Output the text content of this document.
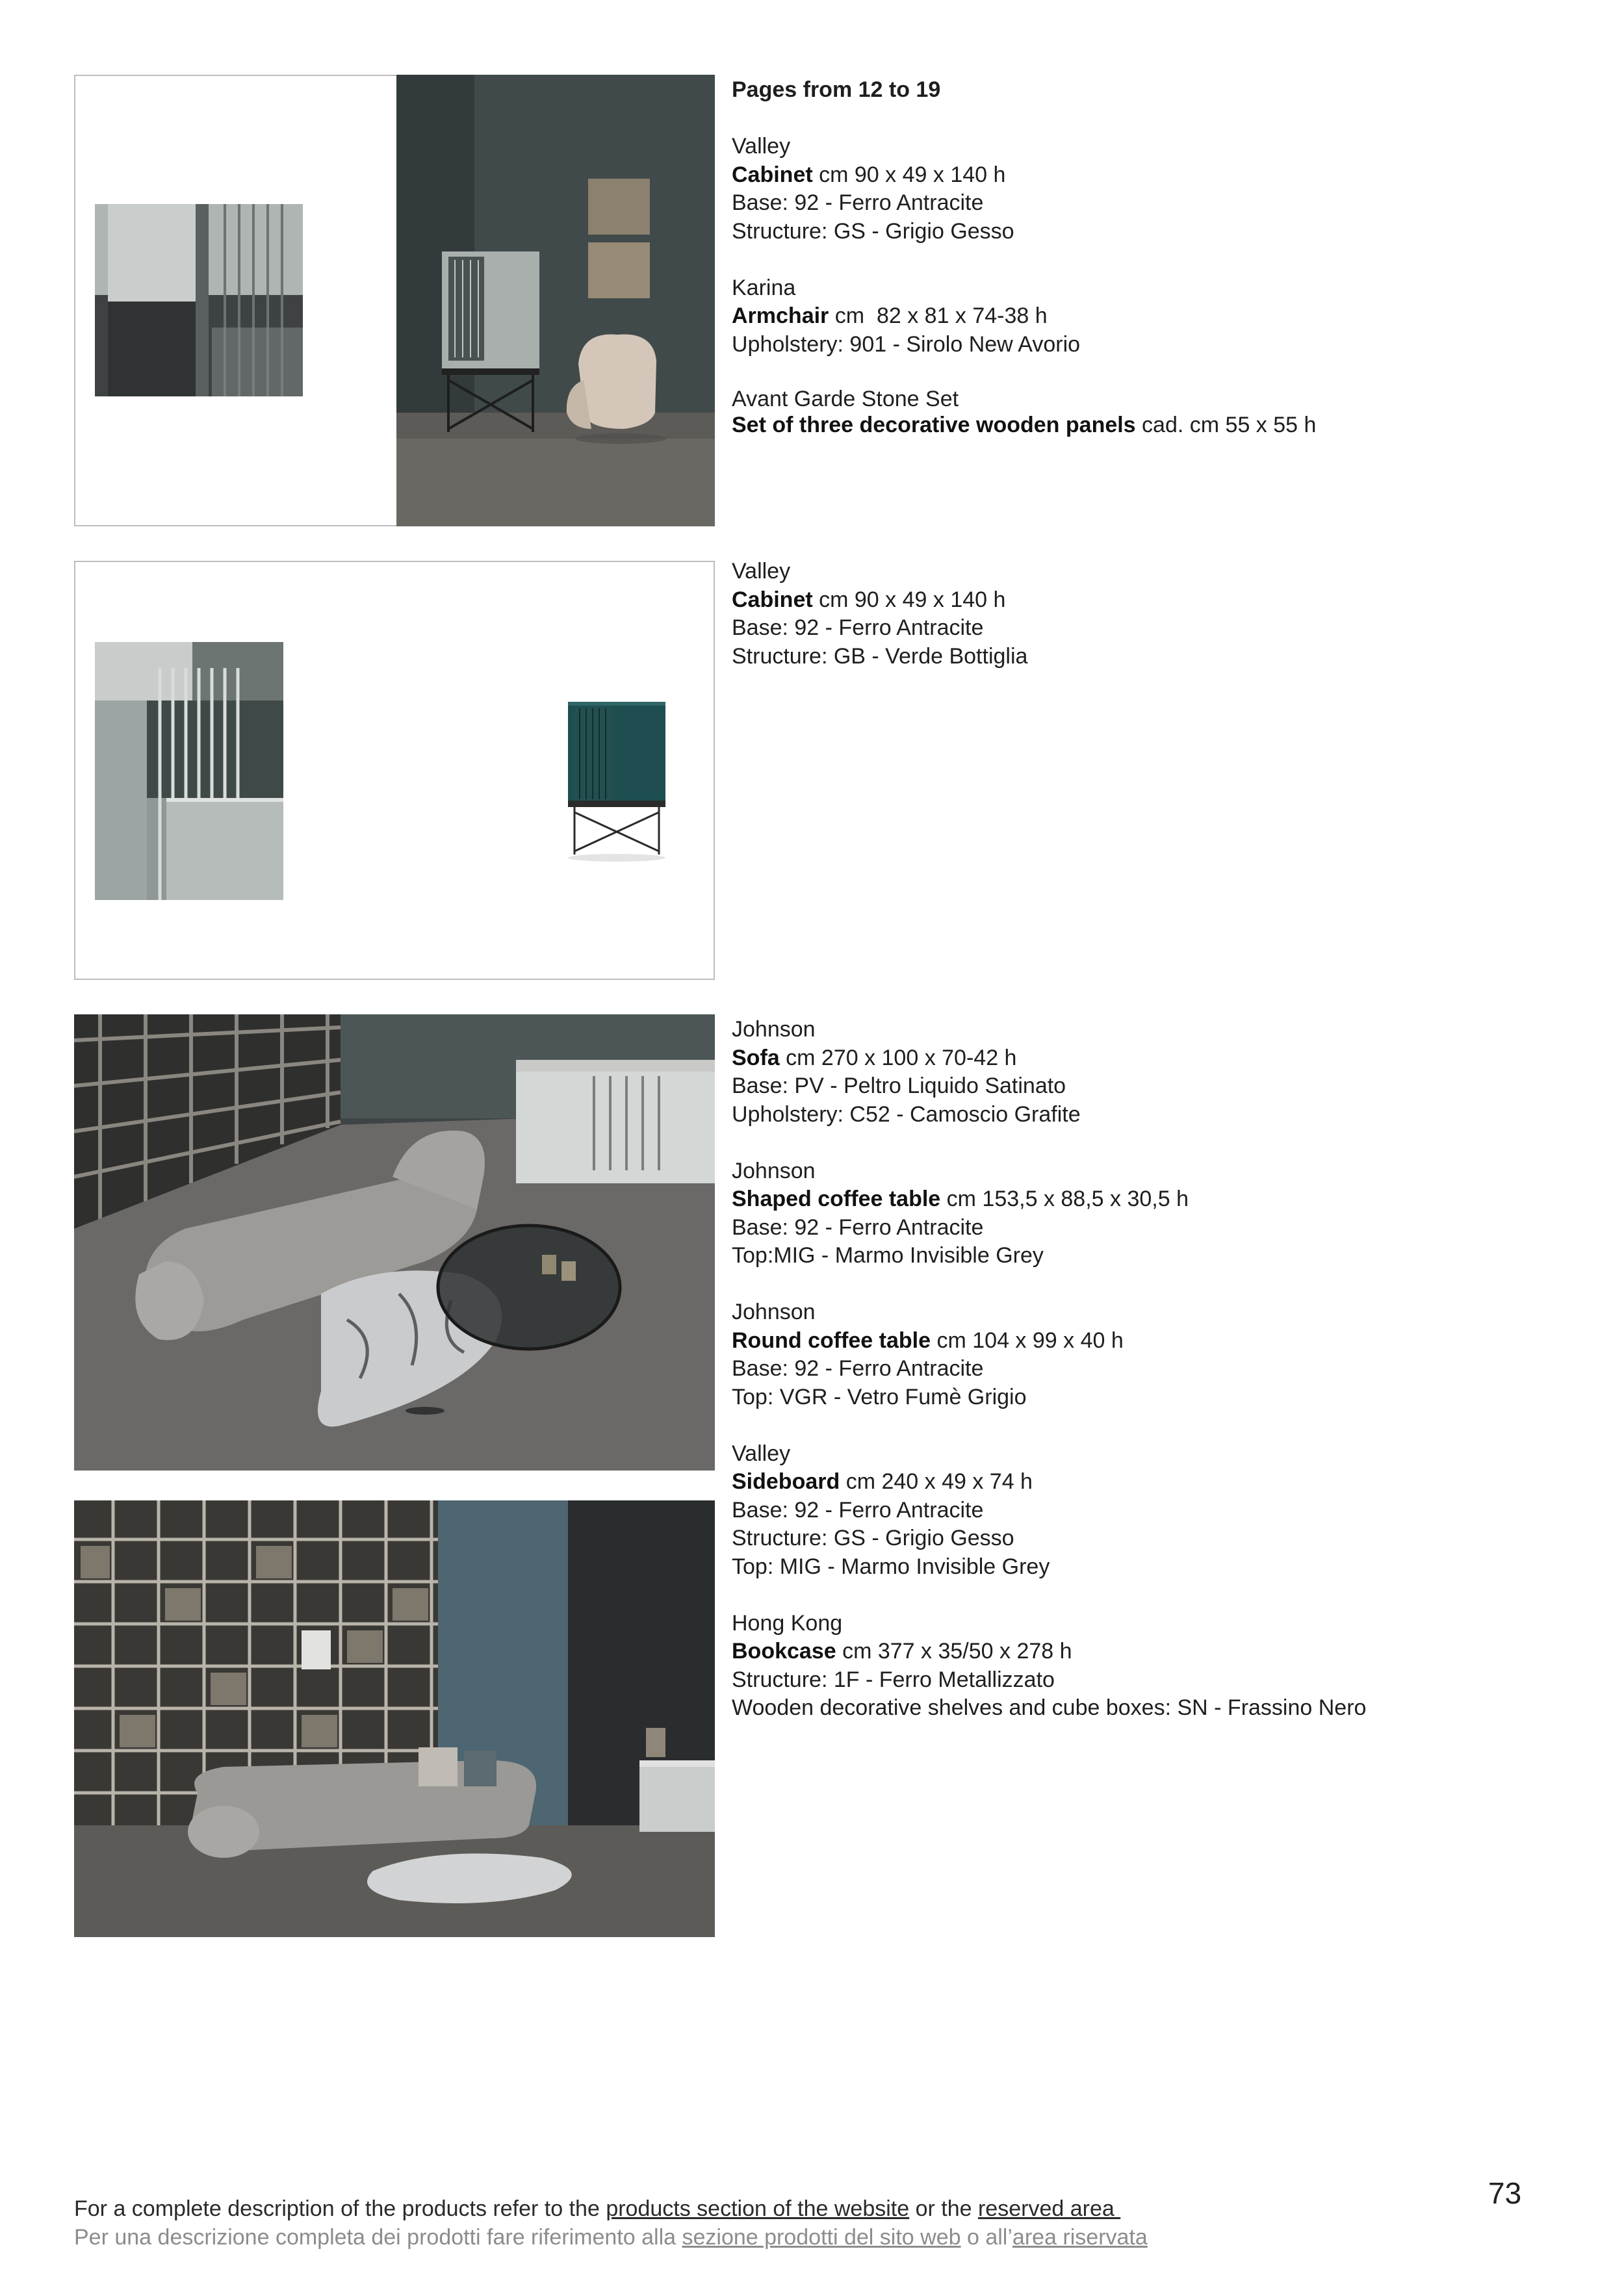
Pages from 12 to 19

Valley

Cabinet cm 90 x 49 x 140 h

Base: 92 - Ferro Antracite

Structure: GS - Grigio Gesso

Karina

Armchair cm  82 x 81 x 74-38 h

Upholstery: 901 - Sirolo New Avorio

Avant Garde Stone Set

Set of three decorative wooden panels cad. cm 55 x 55 h

Valley

Cabinet cm 90 x 49 x 140 h

Base: 92 - Ferro Antracite

Structure: GB - Verde Bottiglia

Johnson

Sofa cm 270 x 100 x 70-42 h

Base: PV - Peltro Liquido Satinato

Upholstery: C52 - Camoscio Grafite

Johnson

Shaped coffee table cm 153,5 x 88,5 x 30,5 h

Base: 92 - Ferro Antracite

Top:MIG - Marmo Invisible Grey

Johnson

Round coffee table cm 104 x 99 x 40 h

Base: 92 - Ferro Antracite

Top: VGR - Vetro Fumè Grigio

Valley

Sideboard cm 240 x 49 x 74 h

Base: 92 - Ferro Antracite

Structure: GS - Grigio Gesso

Top: MIG - Marmo Invisible Grey

Hong Kong

Bookcase cm 377 x 35/50 x 278 h

Structure: 1F - Ferro Metallizzato

Wooden decorative shelves and cube boxes: SN - Frassino Nero

For a complete description of the products refer to the products section of the website or the reserved area
Per una descrizione completa dei prodotti fare riferimento alla sezione prodotti del sito web o all’area riservata
73
